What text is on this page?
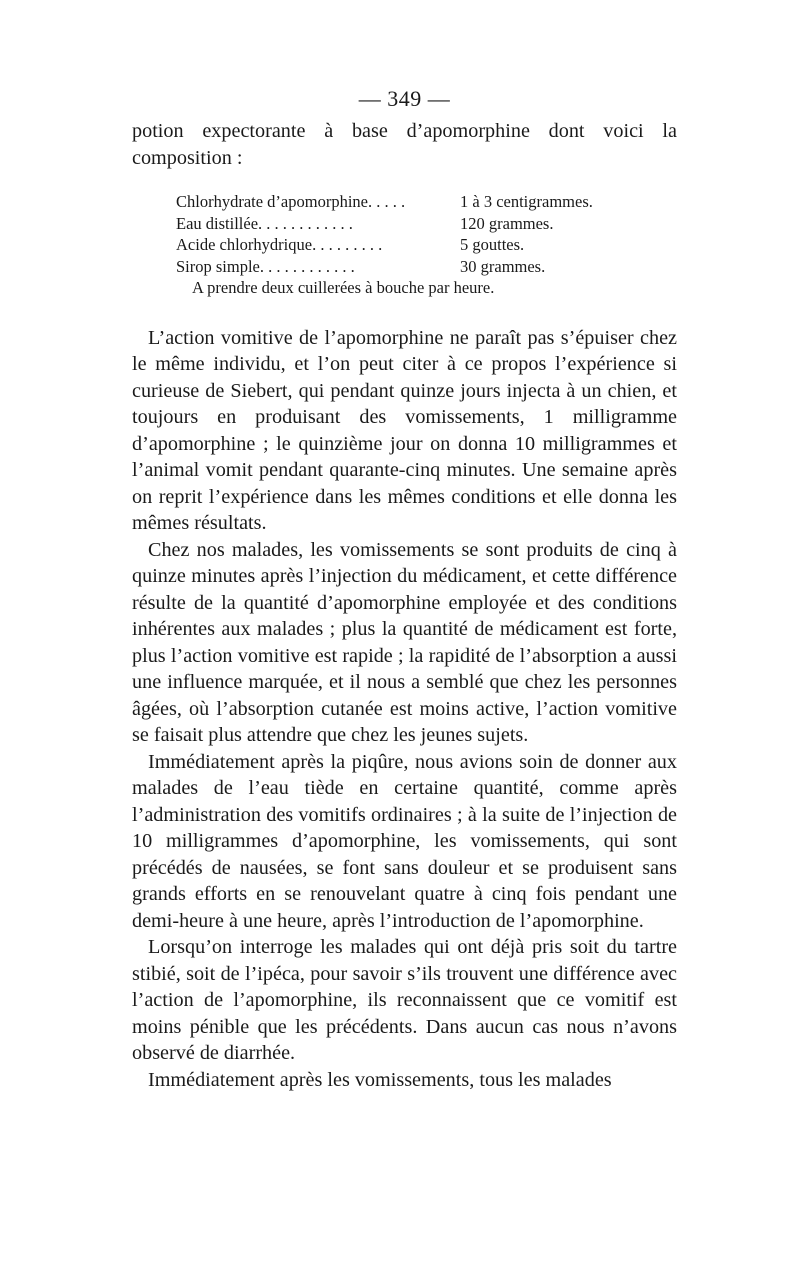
— 349 —

potion expectorante à base d’apomorphine dont voici la composition :

Chlorhydrate d’apomorphine. . . . .	1 à 3 centigrammes.
Eau distillée. . . . . . . . . . . .	120 grammes.
Acide chlorhydrique. . . . . . . . .	5 gouttes.
Sirop simple. . . . . . . . . . . .	30 grammes.
A prendre deux cuillerées à bouche par heure.

L’action vomitive de l’apomorphine ne paraît pas s’épuiser chez le même individu, et l’on peut citer à ce propos l’expérience si curieuse de Siebert, qui pendant quinze jours injecta à un chien, et toujours en produisant des vomissements, 1 milligramme d’apomorphine ; le quinzième jour on donna 10 milligrammes et l’animal vomit pendant quarante-cinq minutes. Une semaine après on reprit l’expérience dans les mêmes conditions et elle donna les mêmes résultats.

Chez nos malades, les vomissements se sont produits de cinq à quinze minutes après l’injection du médicament, et cette différence résulte de la quantité d’apomorphine employée et des conditions inhérentes aux malades ; plus la quantité de médicament est forte, plus l’action vomitive est rapide ; la rapidité de l’absorption a aussi une influence marquée, et il nous a semblé que chez les personnes âgées, où l’absorption cutanée est moins active, l’action vomitive se faisait plus attendre que chez les jeunes sujets.

Immédiatement après la piqûre, nous avions soin de donner aux malades de l’eau tiède en certaine quantité, comme après l’administration des vomitifs ordinaires ; à la suite de l’injection de 10 milligrammes d’apomorphine, les vomissements, qui sont précédés de nausées, se font sans douleur et se produisent sans grands efforts en se renouvelant quatre à cinq fois pendant une demi-heure à une heure, après l’introduction de l’apomorphine.

Lorsqu’on interroge les malades qui ont déjà pris soit du tartre stibié, soit de l’ipéca, pour savoir s’ils trouvent une différence avec l’action de l’apomorphine, ils reconnaissent que ce vomitif est moins pénible que les précédents. Dans aucun cas nous n’avons observé de diarrhée.

Immédiatement après les vomissements, tous les malades
